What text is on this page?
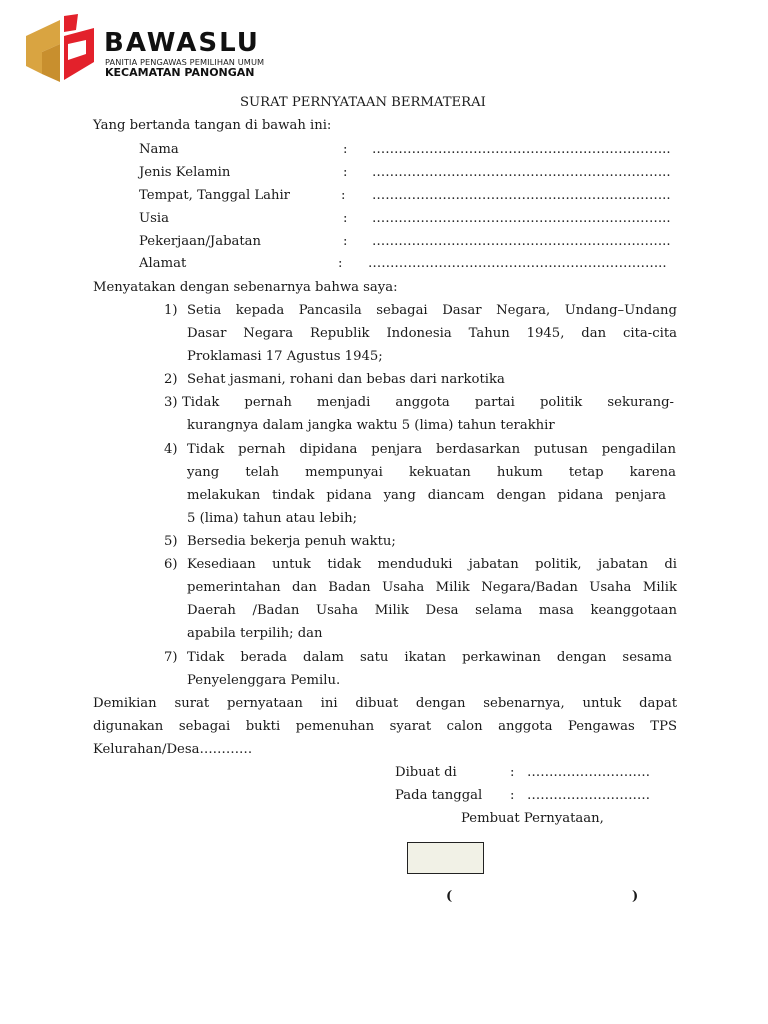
BAWASLU
PANITIA PENGAWAS PEMILIHAN UMUM
KECAMATAN PANONGAN
SURAT PERNYATAAN BERMATERAI
Yang bertanda tangan di bawah ini:
Nama	: …………………………………………………………..
Jenis Kelamin	: …………………………………………………………..
Tempat, Tanggal Lahir	: …………………………………………………………..
Usia	: …………………………………………………………..
Pekerjaan/Jabatan	: …………………………………………………………..
Alamat	: …………………………………………………………..
Menyatakan dengan sebenarnya bahwa saya:
1) Setia kepada Pancasila sebagai Dasar Negara, Undang–Undang
Dasar Negara Republik Indonesia Tahun 1945, dan cita-cita
Proklamasi 17 Agustus 1945;
2) Sehat jasmani, rohani dan bebas dari narkotika
3) Tidak pernah menjadi anggota partai politik sekurang-
kurangnya dalam jangka waktu 5 (lima) tahun terakhir
4) Tidak pernah dipidana penjara berdasarkan putusan pengadilan
yang telah mempunyai kekuatan hukum tetap karena
melakukan tindak pidana yang diancam dengan pidana penjara
5 (lima) tahun atau lebih;
5) Bersedia bekerja penuh waktu;
6) Kesediaan untuk tidak menduduki jabatan politik, jabatan di
pemerintahan dan Badan Usaha Milik Negara/Badan Usaha Milik
Daerah /Badan Usaha Milik Desa selama masa keanggotaan
apabila terpilih; dan
7) Tidak berada dalam satu ikatan perkawinan dengan sesama
Penyelenggara Pemilu.
Demikian surat pernyataan ini dibuat dengan sebenarnya, untuk dapat
digunakan sebagai bukti pemenuhan syarat calon anggota Pengawas TPS
Kelurahan/Desa…………
Dibuat di	: ……………………….
Pada tanggal : ……………………….
Pembuat Pernyataan,
(	)
